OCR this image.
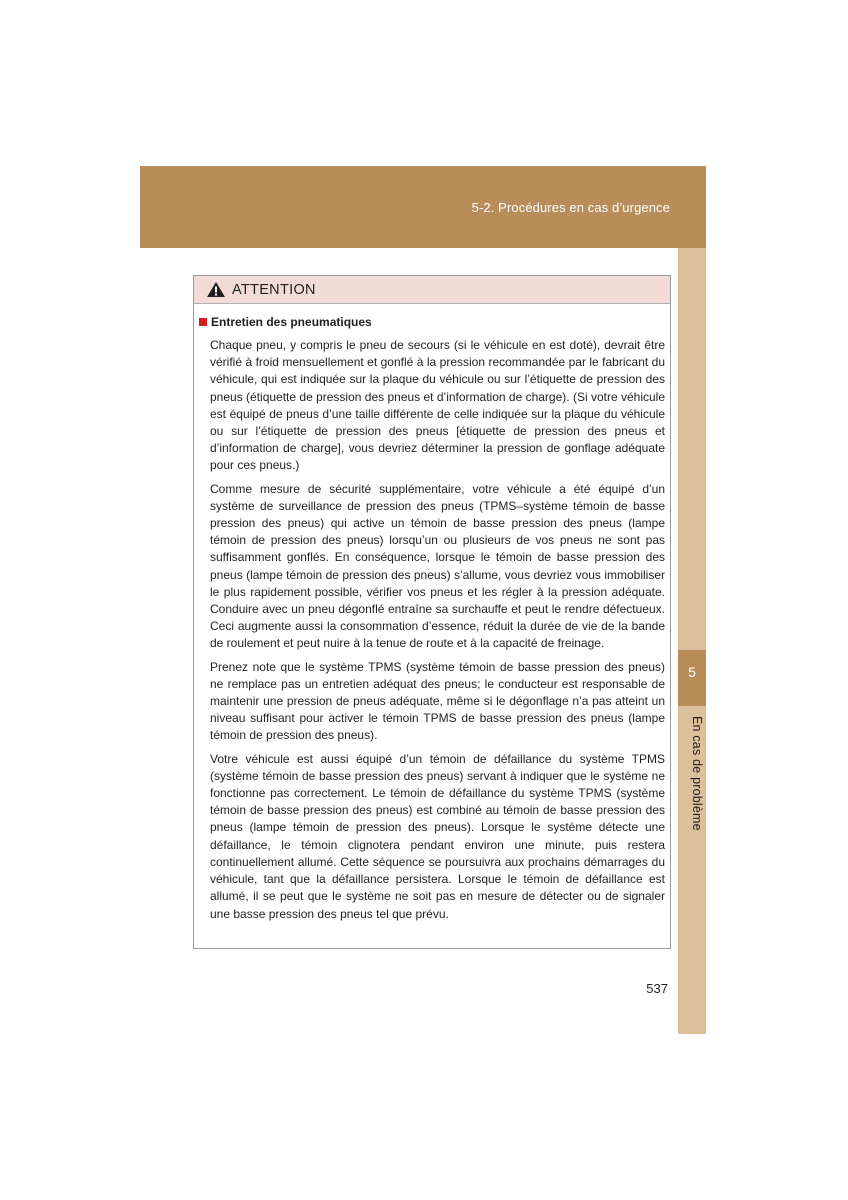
5-2. Procédures en cas d’urgence
5
En cas de problème
ATTENTION
Entretien des pneumatiques

Chaque pneu, y compris le pneu de secours (si le véhicule en est doté), devrait être vérifié à froid mensuellement et gonflé à la pression recommandée par le fabricant du véhicule, qui est indiquée sur la plaque du véhicule ou sur l’étiquette de pression des pneus (étiquette de pression des pneus et d’information de charge). (Si votre véhicule est équipé de pneus d’une taille différente de celle indiquée sur la plaque du véhicule ou sur l’étiquette de pression des pneus [étiquette de pression des pneus et d’information de charge], vous devriez déterminer la pression de gonflage adéquate pour ces pneus.)

Comme mesure de sécurité supplémentaire, votre véhicule a été équipé d’un système de surveillance de pression des pneus (TPMS–système témoin de basse pression des pneus) qui active un témoin de basse pression des pneus (lampe témoin de pression des pneus) lorsqu’un ou plusieurs de vos pneus ne sont pas suffisamment gonflés. En conséquence, lorsque le témoin de basse pression des pneus (lampe témoin de pression des pneus) s’allume, vous devriez vous immobiliser le plus rapidement possible, vérifier vos pneus et les régler à la pression adéquate. Conduire avec un pneu dégonflé entraîne sa surchauffe et peut le rendre défectueux. Ceci augmente aussi la consommation d’essence, réduit la durée de vie de la bande de roulement et peut nuire à la tenue de route et à la capacité de freinage.

Prenez note que le système TPMS (système témoin de basse pression des pneus) ne remplace pas un entretien adéquat des pneus; le conducteur est responsable de maintenir une pression de pneus adéquate, même si le dégonflage n’a pas atteint un niveau suffisant pour activer le témoin TPMS de basse pression des pneus (lampe témoin de pression des pneus).

Votre véhicule est aussi équipé d’un témoin de défaillance du système TPMS (système témoin de basse pression des pneus) servant à indiquer que le système ne fonctionne pas correctement. Le témoin de défaillance du système TPMS (système témoin de basse pression des pneus) est combiné au témoin de basse pression des pneus (lampe témoin de pression des pneus). Lorsque le système détecte une défaillance, le témoin clignotera pendant environ une minute, puis restera continuellement allumé. Cette séquence se poursuivra aux prochains démarrages du véhicule, tant que la défaillance persistera. Lorsque le témoin de défaillance est allumé, il se peut que le système ne soit pas en mesure de détecter ou de signaler une basse pression des pneus tel que prévu.

537
